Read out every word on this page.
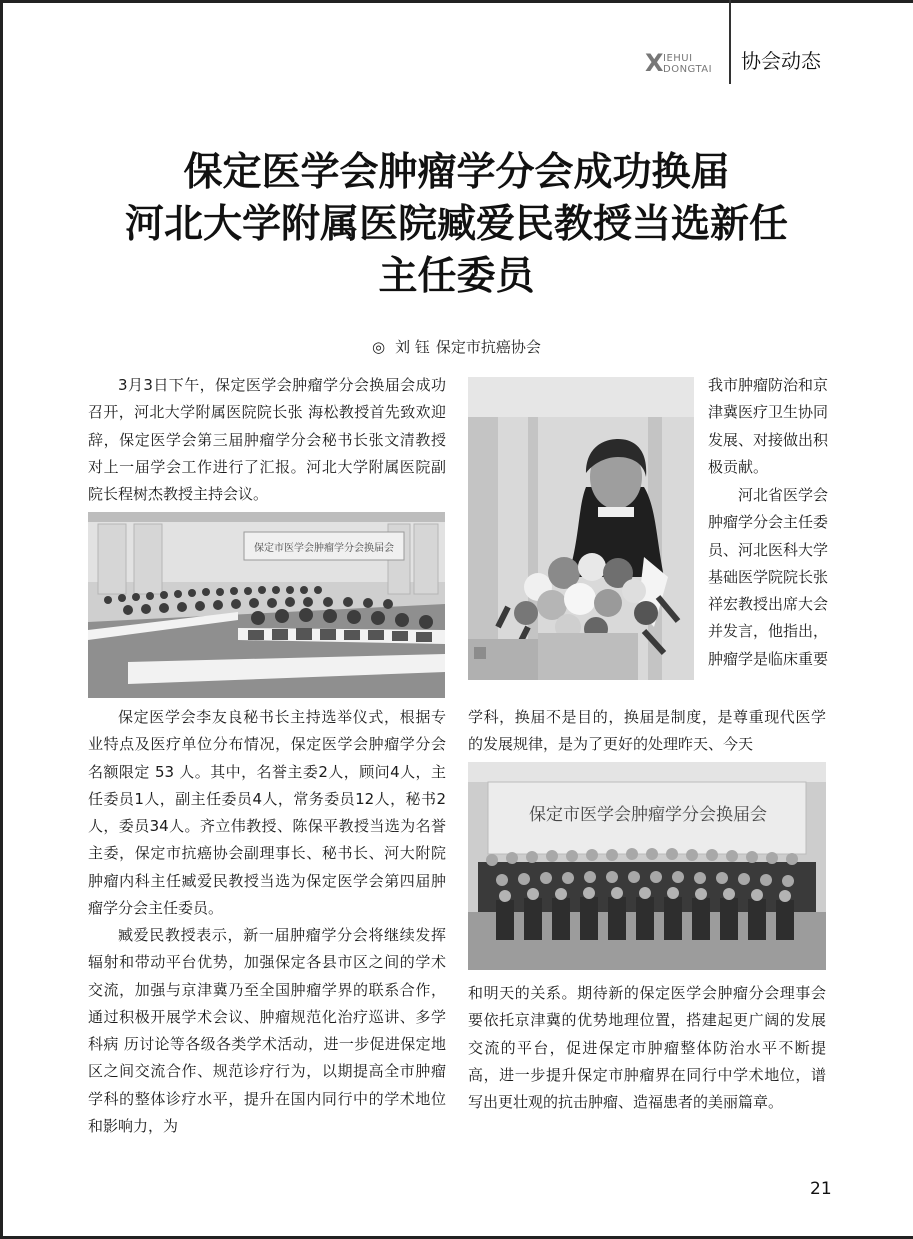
X IEHUI
DONGTAI 协会动态
保定医学会肿瘤学分会成功换届
河北大学附属医院臧爱民教授当选新任
主任委员
◎ 刘 钰 保定市抗癌协会

3月3日下午，保定医学会肿瘤学分会换届会成功召开，河北大学附属医院院长张 海松教授首先致欢迎辞，保定医学会第三届肿瘤学分会秘书长张文清教授对上一届学会工作进行了汇报。河北大学附属医院副院长程树杰教授主持会议。

保定市医学会肿瘤学分会换届会

保定医学会李友良秘书长主持选举仪式，根据专业特点及医疗单位分布情况，保定医学会肿瘤学分会名额限定 53 人。其中，名誉主委2人，顾问4人，主任委员1人，副主任委员4人，常务委员12人，秘书2人，委员34人。齐立伟教授、陈保平教授当选为名誉主委，保定市抗癌协会副理事长、秘书长、河大附院肿瘤内科主任臧爱民教授当选为保定医学会第四届肿瘤学分会主任委员。

臧爱民教授表示，新一届肿瘤学分会将继续发挥辐射和带动平台优势，加强保定各县市区之间的学术交流，加强与京津冀乃至全国肿瘤学界的联系合作，通过积极开展学术会议、肿瘤规范化治疗巡讲、多学科病 历讨论等各级各类学术活动，进一步促进保定地区之间交流合作、规范诊疗行为，以期提高全市肿瘤学科的整体诊疗水平，提升在国内同行中的学术地位和影响力，为

我市肿瘤防治和京津冀医疗卫生协同发展、对接做出积极贡献。

河北省医学会肿瘤学分会主任委员、河北医科大学基础医学院院长张祥宏教授出席大会并发言，他指出，肿瘤学是临床重要

学科，换届不是目的，换届是制度，是尊重现代医学的发展规律，是为了更好的处理昨天、今天

保定市医学会肿瘤学分会换届会

和明天的关系。期待新的保定医学会肿瘤分会理事会要依托京津冀的优势地理位置，搭建起更广阔的发展交流的平台，促进保定市肿瘤整体防治水平不断提高，进一步提升保定市肿瘤界在同行中学术地位，谱写出更壮观的抗击肿瘤、造福患者的美丽篇章。

21
